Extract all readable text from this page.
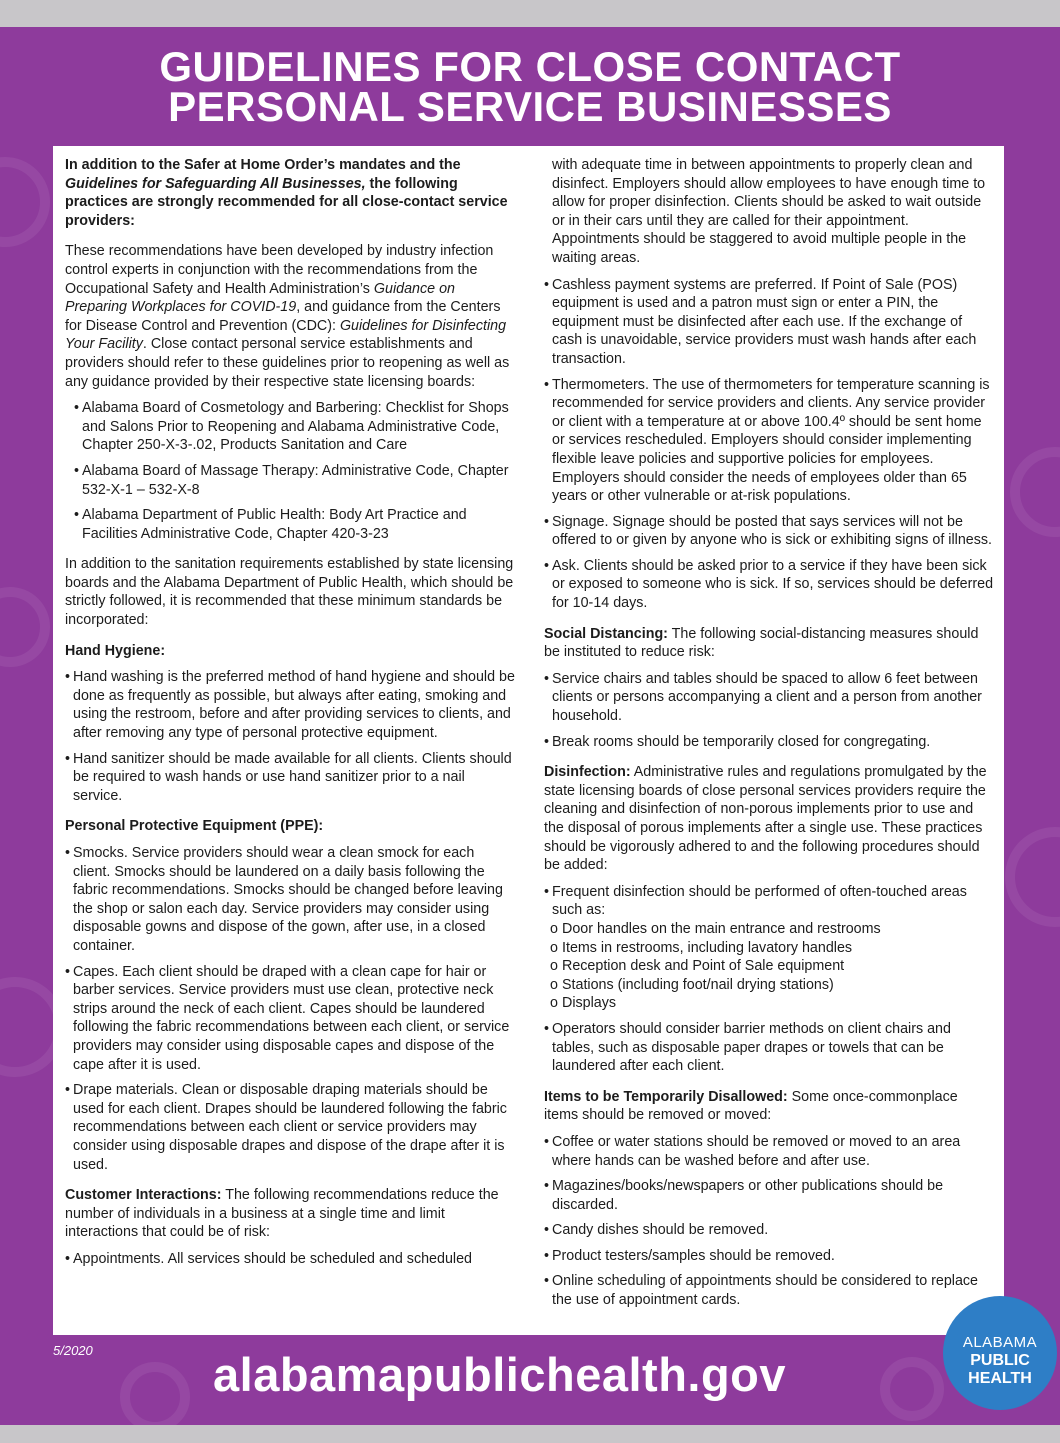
GUIDELINES FOR CLOSE CONTACT
PERSONAL SERVICE BUSINESSES

In addition to the Safer at Home Order’s mandates and the Guidelines for Safeguarding All Businesses, the following practices are strongly recommended for all close-contact service providers:

These recommendations have been developed by industry infection control experts in conjunction with the recommendations from the Occupational Safety and Health Administration’s Guidance on Preparing Workplaces for COVID-19, and guidance from the Centers for Disease Control and Prevention (CDC): Guidelines for Disinfecting Your Facility. Close contact personal service establishments and providers should refer to these guidelines prior to reopening as well as any guidance provided by their respective state licensing boards:

• Alabama Board of Cosmetology and Barbering: Checklist for Shops and Salons Prior to Reopening and Alabama Administrative Code, Chapter 250-X-3-.02, Products Sanitation and Care
• Alabama Board of Massage Therapy: Administrative Code, Chapter 532-X-1 – 532-X-8
• Alabama Department of Public Health: Body Art Practice and Facilities Administrative Code, Chapter 420-3-23

In addition to the sanitation requirements established by state licensing boards and the Alabama Department of Public Health, which should be strictly followed, it is recommended that these minimum standards be incorporated:

Hand Hygiene:
• Hand washing is the preferred method of hand hygiene and should be done as frequently as possible, but always after eating, smoking and using the restroom, before and after providing services to clients, and after removing any type of personal protective equipment.
• Hand sanitizer should be made available for all clients. Clients should be required to wash hands or use hand sanitizer prior to a nail service.
Personal Protective Equipment (PPE):
• Smocks. Service providers should wear a clean smock for each client. Smocks should be laundered on a daily basis following the fabric recommendations. Smocks should be changed before leaving the shop or salon each day. Service providers may consider using disposable gowns and dispose of the gown, after use, in a closed container.
• Capes. Each client should be draped with a clean cape for hair or barber services. Service providers must use clean, protective neck strips around the neck of each client. Capes should be laundered following the fabric recommendations between each client, or service providers may consider using disposable capes and dispose of the cape after it is used.
• Drape materials. Clean or disposable draping materials should be used for each client. Drapes should be laundered following the fabric recommendations between each client or service providers may consider using disposable drapes and dispose of the drape after it is used.

Customer Interactions: The following recommendations reduce the number of individuals in a business at a single time and limit interactions that could be of risk:

• Appointments. All services should be scheduled and scheduled

with adequate time in between appointments to properly clean and disinfect. Employers should allow employees to have enough time to allow for proper disinfection. Clients should be asked to wait outside or in their cars until they are called for their appointment. Appointments should be staggered to avoid multiple people in the waiting areas.

• Cashless payment systems are preferred. If Point of Sale (POS) equipment is used and a patron must sign or enter a PIN, the equipment must be disinfected after each use. If the exchange of cash is unavoidable, service providers must wash hands after each transaction.
• Thermometers. The use of thermometers for temperature scanning is recommended for service providers and clients. Any service provider or client with a temperature at or above 100.4º should be sent home or services rescheduled. Employers should consider implementing flexible leave policies and supportive policies for employees. Employers should consider the needs of employees older than 65 years or other vulnerable or at-risk populations.
• Signage. Signage should be posted that says services will not be offered to or given by anyone who is sick or exhibiting signs of illness.
• Ask. Clients should be asked prior to a service if they have been sick or exposed to someone who is sick. If so, services should be deferred for 10-14 days.

Social Distancing: The following social-distancing measures should be instituted to reduce risk:

• Service chairs and tables should be spaced to allow 6 feet between clients or persons accompanying a client and a person from another household.
• Break rooms should be temporarily closed for congregating.

Disinfection: Administrative rules and regulations promulgated by the state licensing boards of close personal services providers require the cleaning and disinfection of non-porous implements prior to use and the disposal of porous implements after a single use. These practices should be vigorously adhered to and the following procedures should be added:

• Frequent disinfection should be performed of often-touched areas such as:
o Door handles on the main entrance and restrooms
o Items in restrooms, including lavatory handles
o Reception desk and Point of Sale equipment
o Stations (including foot/nail drying stations)
o Displays
• Operators should consider barrier methods on client chairs and tables, such as disposable paper drapes or towels that can be laundered after each client.

Items to be Temporarily Disallowed: Some once-commonplace items should be removed or moved:

• Coffee or water stations should be removed or moved to an area where hands can be washed before and after use.
• Magazines/books/newspapers or other publications should be discarded.
• Candy dishes should be removed.
• Product testers/samples should be removed.
• Online scheduling of appointments should be considered to replace the use of appointment cards.
5/2020	alabamapublichealth.gov
ALABAMA
PUBLIC
HEALTH
